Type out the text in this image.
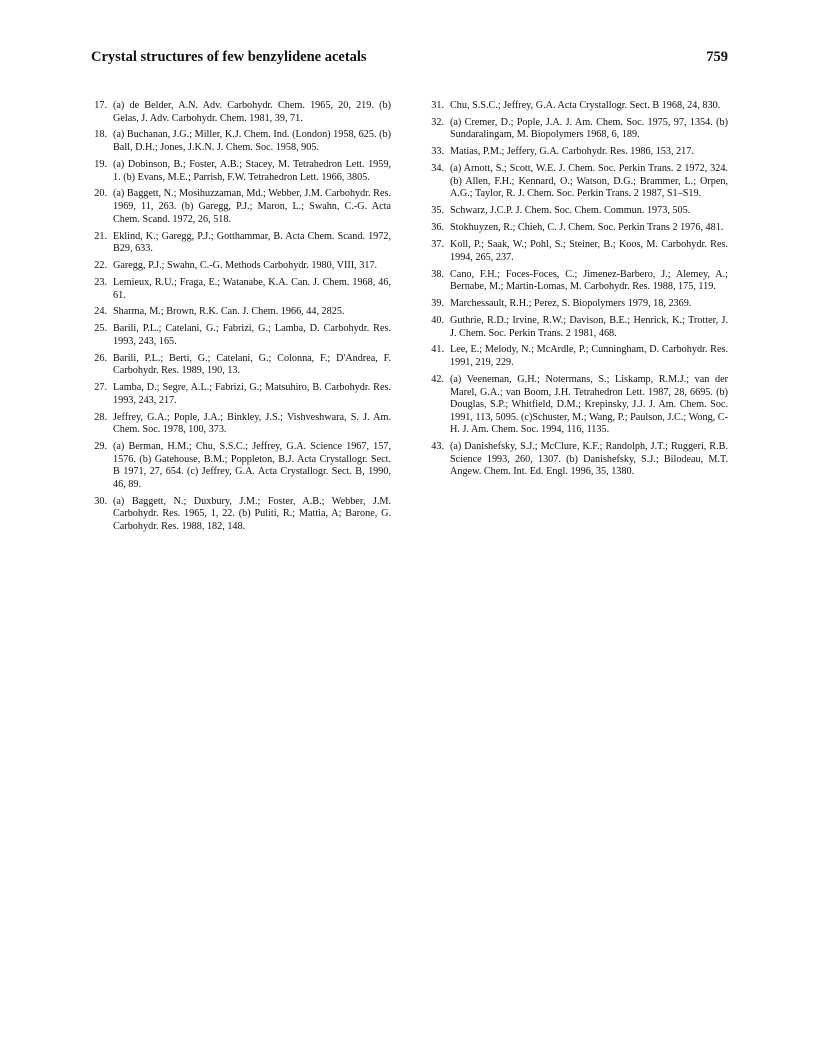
Crystal structures of few benzylidene acetals	759
17. (a) de Belder, A.N. Adv. Carbohydr. Chem. 1965, 20, 219. (b) Gelas, J. Adv. Carbohydr. Chem. 1981, 39, 71.
18. (a) Buchanan, J.G.; Miller, K.J. Chem. Ind. (London) 1958, 625. (b) Ball, D.H.; Jones, J.K.N. J. Chem. Soc. 1958, 905.
19. (a) Dobinson, B.; Foster, A.B.; Stacey, M. Tetrahedron Lett. 1959, 1. (b) Evans, M.E.; Parrish, F.W. Tetrahedron Lett. 1966, 3805.
20. (a) Baggett, N.; Mosihuzzaman, Md.; Webber, J.M. Carbohydr. Res. 1969, 11, 263. (b) Garegg, P.J.; Maron, L.; Swahn, C.-G. Acta Chem. Scand. 1972, 26, 518.
21. Eklind, K.; Garegg, P.J.; Gotthammar, B. Acta Chem. Scand. 1972, B29, 633.
22. Garegg, P.J.; Swahn, C.-G. Methods Carbohydr. 1980, VIII, 317.
23. Lemieux, R.U.; Fraga, E.; Watanabe, K.A. Can. J. Chem. 1968, 46, 61.
24. Sharma, M.; Brown, R.K. Can. J. Chem. 1966, 44, 2825.
25. Barili, P.L.; Catelani, G.; Fabrizi, G.; Lamba, D. Carbohydr. Res. 1993, 243, 165.
26. Barili, P.L.; Berti, G.; Catelani, G.; Colonna, F.; D'Andrea, F. Carbohydr. Res. 1989, 190, 13.
27. Lamba, D.; Segre, A.L.; Fabrizi, G.; Matsuhiro, B. Carbohydr. Res. 1993, 243, 217.
28. Jeffrey, G.A.; Pople, J.A.; Binkley, J.S.; Vishveshwara, S. J. Am. Chem. Soc. 1978, 100, 373.
29. (a) Berman, H.M.; Chu, S.S.C.; Jeffrey, G.A. Science 1967, 157, 1576. (b) Gatehouse, B.M.; Poppleton, B.J. Acta Crystallogr. Sect. B 1971, 27, 654. (c) Jeffrey, G.A. Acta Crystallogr. Sect. B, 1990, 46, 89.
30. (a) Baggett, N.; Duxbury, J.M.; Foster, A.B.; Webber, J.M. Carbohydr. Res. 1965, 1, 22. (b) Puliti, R.; Mattia, A; Barone, G. Carbohydr. Res. 1988, 182, 148.
31. Chu, S.S.C.; Jeffrey, G.A. Acta Crystallogr. Sect. B 1968, 24, 830.
32. (a) Cremer, D.; Pople, J.A. J. Am. Chem. Soc. 1975, 97, 1354. (b) Sundaralingam, M. Biopolymers 1968, 6, 189.
33. Matias, P.M.; Jeffery, G.A. Carbohydr. Res. 1986, 153, 217.
34. (a) Arnott, S.; Scott, W.E. J. Chem. Soc. Perkin Trans. 2 1972, 324. (b) Allen, F.H.; Kennard, O.; Watson, D.G.; Brammer, L.; Orpen, A.G.; Taylor, R. J. Chem. Soc. Perkin Trans. 2 1987, S1–S19.
35. Schwarz, J.C.P. J. Chem. Soc. Chem. Commun. 1973, 505.
36. Stokhuyzen, R.; Chieh, C. J. Chem. Soc. Perkin Trans 2 1976, 481.
37. Koll, P.; Saak, W.; Pohl, S.; Steiner, B.; Koos, M. Carbohydr. Res. 1994, 265, 237.
38. Cano, F.H.; Foces-Foces, C.; Jimenez-Barbero, J.; Alemey, A.; Bernabe, M.; Martin-Lomas, M. Carbohydr. Res. 1988, 175, 119.
39. Marchessault, R.H.; Perez, S. Biopolymers 1979, 18, 2369.
40. Guthrie, R.D.; Irvine, R.W.; Davison, B.E.; Henrick, K.; Trotter, J. J. Chem. Soc. Perkin Trans. 2 1981, 468.
41. Lee, E.; Melody, N.; McArdle, P.; Cunningham, D. Carbohydr. Res. 1991, 219, 229.
42. (a) Veeneman, G.H.; Notermans, S.; Liskamp, R.M.J.; van der Marel, G.A.; van Boom, J.H. Tetrahedron Lett. 1987, 28, 6695. (b) Douglas, S.P.; Whitfield, D.M.; Krepinsky, J.J. J. Am. Chem. Soc. 1991, 113, 5095. (c)Schuster, M.; Wang, P.; Paulson, J.C.; Wong, C-H. J. Am. Chem. Soc. 1994, 116, 1135.
43. (a) Danishefsky, S.J.; McClure, K.F.; Randolph, J.T.; Ruggeri, R.B. Science 1993, 260, 1307. (b) Danishefsky, S.J.; Bilodeau, M.T. Angew. Chem. Int. Ed. Engl. 1996, 35, 1380.
